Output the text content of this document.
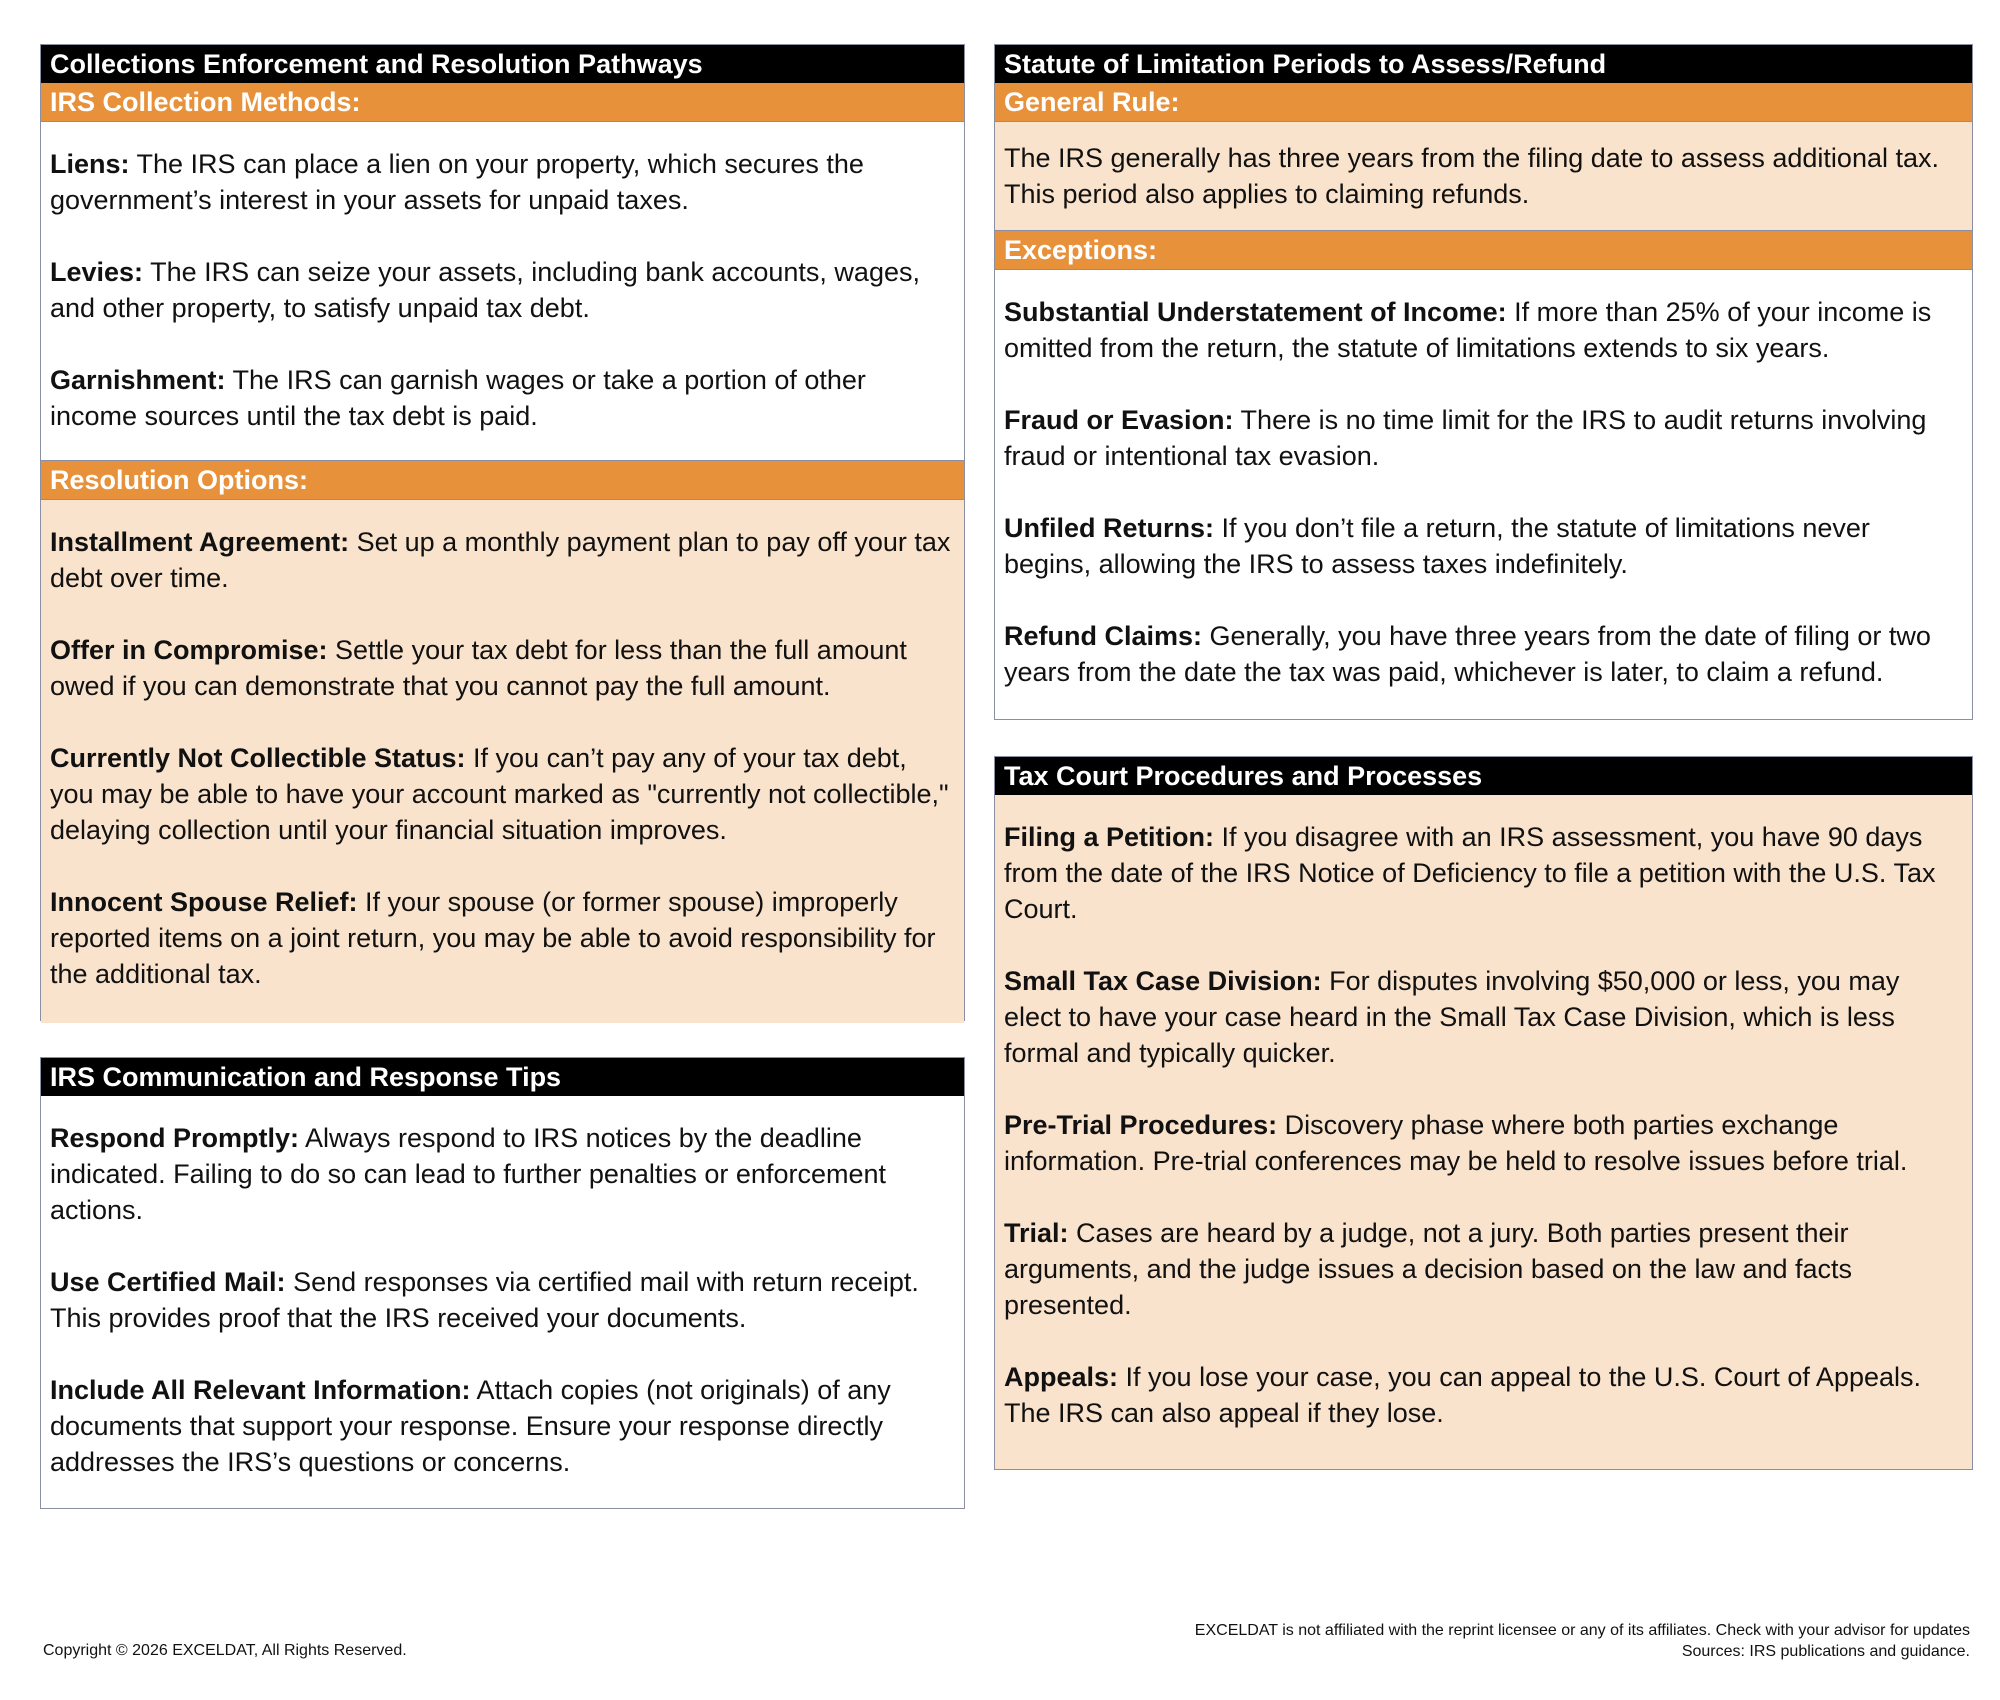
Collections Enforcement and Resolution Pathways
IRS Collection Methods:
Liens: The IRS can place a lien on your property, which secures the government’s interest in your assets for unpaid taxes.
Levies: The IRS can seize your assets, including bank accounts, wages, and other property, to satisfy unpaid tax debt.
Garnishment: The IRS can garnish wages or take a portion of other income sources until the tax debt is paid.
Resolution Options:
Installment Agreement: Set up a monthly payment plan to pay off your tax debt over time.
Offer in Compromise: Settle your tax debt for less than the full amount owed if you can demonstrate that you cannot pay the full amount.
Currently Not Collectible Status: If you can’t pay any of your tax debt, you may be able to have your account marked as "currently not collectible," delaying collection until your financial situation improves.
Innocent Spouse Relief: If your spouse (or former spouse) improperly reported items on a joint return, you may be able to avoid responsibility for the additional tax.
IRS Communication and Response Tips
Respond Promptly: Always respond to IRS notices by the deadline indicated. Failing to do so can lead to further penalties or enforcement actions.
Use Certified Mail: Send responses via certified mail with return receipt. This provides proof that the IRS received your documents.
Include All Relevant Information: Attach copies (not originals) of any documents that support your response. Ensure your response directly addresses the IRS’s questions or concerns.
Statute of Limitation Periods to Assess/Refund
General Rule:
The IRS generally has three years from the filing date to assess additional tax. This period also applies to claiming refunds.
Exceptions:
Substantial Understatement of Income: If more than 25% of your income is omitted from the return, the statute of limitations extends to six years.
Fraud or Evasion: There is no time limit for the IRS to audit returns involving fraud or intentional tax evasion.
Unfiled Returns: If you don’t file a return, the statute of limitations never begins, allowing the IRS to assess taxes indefinitely.
Refund Claims: Generally, you have three years from the date of filing or two years from the date the tax was paid, whichever is later, to claim a refund.
Tax Court Procedures and Processes
Filing a Petition: If you disagree with an IRS assessment, you have 90 days from the date of the IRS Notice of Deficiency to file a petition with the U.S. Tax Court.
Small Tax Case Division: For disputes involving $50,000 or less, you may elect to have your case heard in the Small Tax Case Division, which is less formal and typically quicker.
Pre-Trial Procedures: Discovery phase where both parties exchange information. Pre-trial conferences may be held to resolve issues before trial.
Trial: Cases are heard by a judge, not a jury. Both parties present their arguments, and the judge issues a decision based on the law and facts presented.
Appeals: If you lose your case, you can appeal to the U.S. Court of Appeals. The IRS can also appeal if they lose.
Copyright © 2026 EXCELDAT, All Rights Reserved.
EXCELDAT is not affiliated with the reprint licensee or any of its affiliates. Check with your advisor for updates
Sources: IRS publications and guidance.
